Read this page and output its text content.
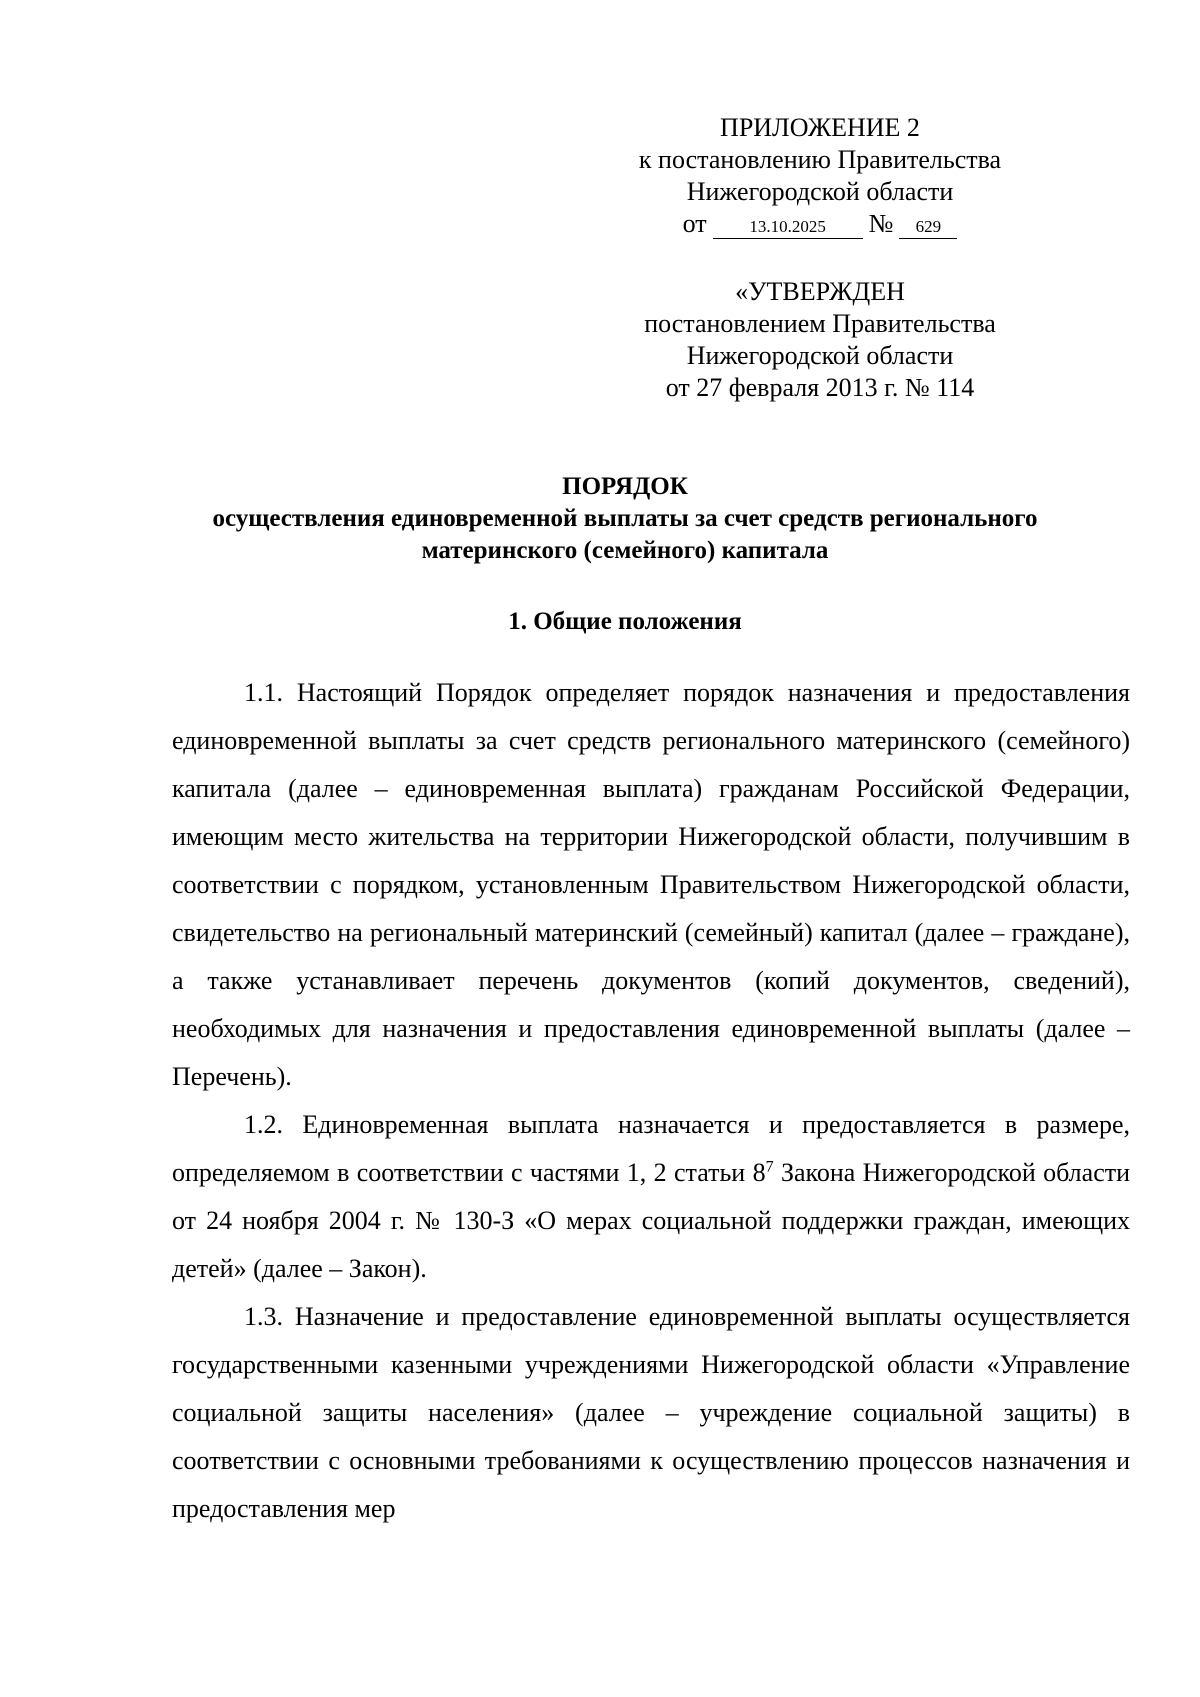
ПРИЛОЖЕНИЕ 2
к постановлению Правительства
Нижегородской области
от	13.10.2025 № 629
«УТВЕРЖДЕН
постановлением Правительства
Нижегородской области
от 27 февраля 2013 г. № 114
ПОРЯДОК
осуществления единовременной выплаты за счет средств регионального
материнского (семейного) капитала
1. Общие положения

1.1. Настоящий Порядок определяет порядок назначения и предоставления единовременной выплаты за счет средств регионального материнского (семейного) капитала (далее – единовременная выплата) гражданам Российской Федерации, имеющим место жительства на территории Нижегородской области, получившим в соответствии с порядком, установленным Правительством Нижегородской области, свидетельство на региональный материнский (семейный) капитал (далее – граждане), а также устанавливает перечень документов (копий документов, сведений), необходимых для назначения и предоставления единовременной выплаты (далее – Перечень).

1.2. Единовременная выплата назначается и предоставляется в размере, определяемом в соответствии с частями 1, 2 статьи $8^7$ Закона Нижегородской области от 24 ноября 2004 г. № 130-З «О мерах социальной поддержки граждан, имеющих детей» (далее – Закон).

1.3. Назначение и предоставление единовременной выплаты осуществляется государственными казенными учреждениями Нижегородской области «Управление социальной защиты населения» (далее – учреждение социальной защиты) в соответствии с основными требованиями к осуществлению процессов назначения и предоставления мер
